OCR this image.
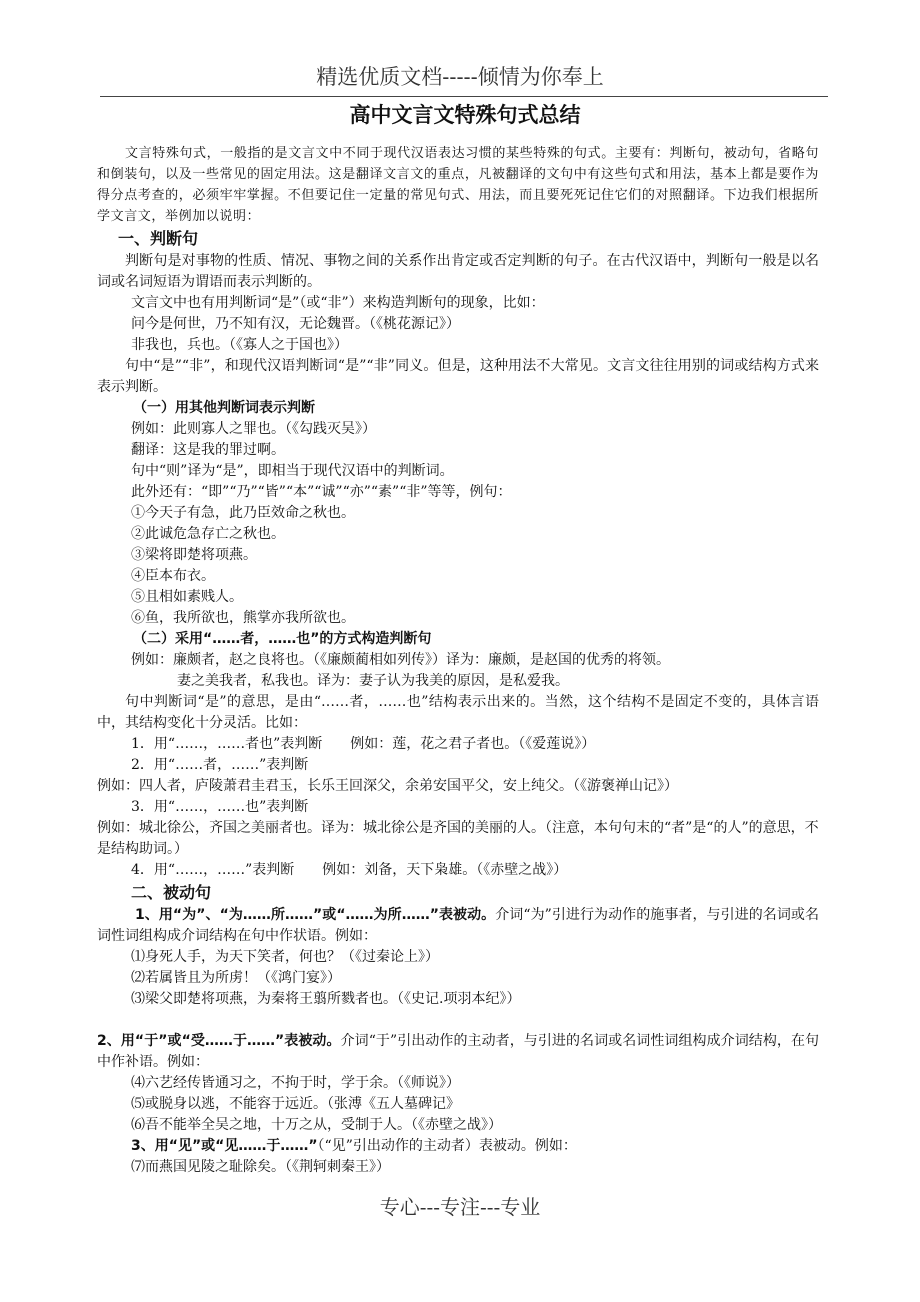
精选优质文档-----倾情为你奉上
高中文言文特殊句式总结

文言特殊句式，一般指的是文言文中不同于现代汉语表达习惯的某些特殊的句式。主要有：判断句，被动句，省略句和倒装句，以及一些常见的固定用法。这是翻译文言文的重点，凡被翻译的文句中有这些句式和用法，基本上都是要作为得分点考查的，必须牢牢掌握。不但要记住一定量的常见句式、用法，而且要死死记住它们的对照翻译。下边我们根据所学文言文，举例加以说明：

一、判断句

判断句是对事物的性质、情况、事物之间的关系作出肯定或否定判断的句子。在古代汉语中，判断句一般是以名词或名词短语为谓语而表示判断的。

文言文中也有用判断词“是”（或“非”）来构造判断句的现象，比如：

问今是何世，乃不知有汉，无论魏晋。（《桃花源记》）

非我也，兵也。（《寡人之于国也》）

句中“是”“非”，和现代汉语判断词“是”“非”同义。但是，这种用法不大常见。文言文往往用别的词或结构方式来表示判断。

（一）用其他判断词表示判断

例如：此则寡人之罪也。（《勾践灭吴》）

翻译：这是我的罪过啊。

句中“则”译为“是”，即相当于现代汉语中的判断词。

此外还有：“即”“乃”“皆”“本”“诚”“亦”“素”“非”等等，例句：

①今天子有急，此乃臣效命之秋也。

②此诚危急存亡之秋也。

③梁将即楚将项燕。

④臣本布衣。

⑤且相如素贱人。

⑥鱼，我所欲也，熊掌亦我所欲也。

（二）采用“……者，……也”的方式构造判断句

例如：廉颇者，赵之良将也。（《廉颇蔺相如列传》）译为：廉颇，是赵国的优秀的将领。

妻之美我者，私我也。译为：妻子认为我美的原因，是私爱我。

句中判断词“是”的意思，是由“……者，……也”结构表示出来的。当然，这个结构不是固定不变的，具体言语中，其结构变化十分灵活。比如：

1．用“……，……者也”表判断　　例如：莲，花之君子者也。（《爱莲说》）

2．用“……者，……”表判断

例如：四人者，庐陵萧君圭君玉，长乐王回深父，余弟安国平父，安上纯父。（《游褒禅山记》）

3．用“……，……也”表判断

例如：城北徐公，齐国之美丽者也。译为：城北徐公是齐国的美丽的人。（注意，本句句末的“者”是“的人”的意思，不是结构助词。）

4．用“……，……”表判断　　例如：刘备，天下枭雄。（《赤壁之战》）

二、被动句

1、用“为”、“为……所……”或“……为所……”表被动。介词“为”引进行为动作的施事者，与引进的名词或名词性词组构成介词结构在句中作状语。例如：

⑴身死人手，为天下笑者，何也？（《过秦论上》）

⑵若属皆且为所虏！（《鸿门宴》）

⑶梁父即楚将项燕，为秦将王翦所戮者也。（《史记.项羽本纪》）

2、用“于”或“受……于……”表被动。介词“于”引出动作的主动者，与引进的名词或名词性词组构成介词结构，在句中作补语。例如：

⑷六艺经传皆通习之，不拘于时，学于余。（《师说》）

⑸或脱身以逃，不能容于远近。（张溥《五人墓碑记》

⑹吾不能举全吴之地，十万之从，受制于人。（《赤壁之战》）

3、用“见”或“见……于……”（“见”引出动作的主动者）表被动。例如：

⑺而燕国见陵之耻除矣。（《荆轲刺秦王》）

专心---专注---专业
